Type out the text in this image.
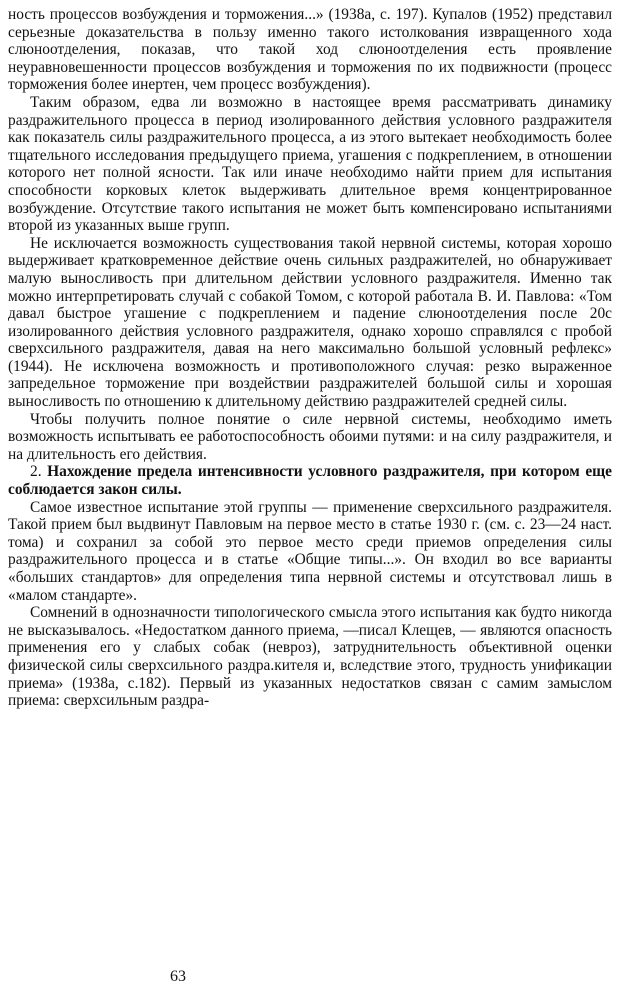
ность процессов возбуждения и торможения...» (1938а, с. 197). Купалов (1952) представил серьезные доказательства в пользу именно такого истолкования извращенного хода слюноотделения, показав, что такой ход слюноотделения есть проявление неуравновешенности процессов возбуждения и торможения по их подвижности (процесс торможения более инертен, чем процесс возбуждения).

Таким образом, едва ли возможно в настоящее время рассматривать динамику раздражительного процесса в период изолированного действия условного раздражителя как показатель силы раздражительного процесса, а из этого вытекает необходимость более тщательного исследования предыдущего приема, угашения с подкреплением, в отношении которого нет полной ясности. Так или иначе необходимо найти прием для испытания способности корковых клеток выдерживать длительное время концентрированное возбуждение. Отсутствие такого испытания не может быть компенсировано испытаниями второй из указанных выше групп.

Не исключается возможность существования такой нервной системы, которая хорошо выдерживает кратковременное действие очень сильных раздражителей, но обнаруживает малую выносливость при длительном действии условного раздражителя. Именно так можно интерпретировать случай с собакой Томом, с которой работала В. И. Павлова: «Том давал быстрое угашение с подкреплением и падение слюноотделения после 20с изолированного действия условного раздражителя, однако хорошо справлялся с пробой сверхсильного раздражителя, давая на него максимально большой условный рефлекс» (1944). Не исключена возможность и противоположного случая: резко выраженное запредельное торможение при воздействии раздражителей большой силы и хорошая выносливость по отношению к длительному действию раздражителей средней силы.

Чтобы получить полное понятие о силе нервной системы, необходимо иметь возможность испытывать ее работоспособность обоими путями: и на силу раздражителя, и на длительность его действия.

2. Нахождение предела интенсивности условного раздражителя, при котором еще соблюдается закон силы.

Самое известное испытание этой группы — применение сверхсильного раздражителя. Такой прием был выдвинут Павловым на первое место в статье 1930 г. (см. с. 23—24 наст. тома) и сохранил за собой это первое место среди приемов определения силы раздражительного процесса и в статье «Общие типы...». Он входил во все варианты «больших стандартов» для определения типа нервной системы и отсутствовал лишь в «малом стандарте».

Сомнений в однозначности типологического смысла этого испытания как будто никогда не высказывалось. «Недостатком данного приема, —писал Клещев, — являются опасность применения его у слабых собак (невроз), затруднительность объективной оценки физической силы сверхсильного раздра.кителя и, вследствие этого, трудность унификации приема» (1938а, с.182). Первый из указанных недостатков связан с самим замыслом приема: сверхсильным раздра-

63
